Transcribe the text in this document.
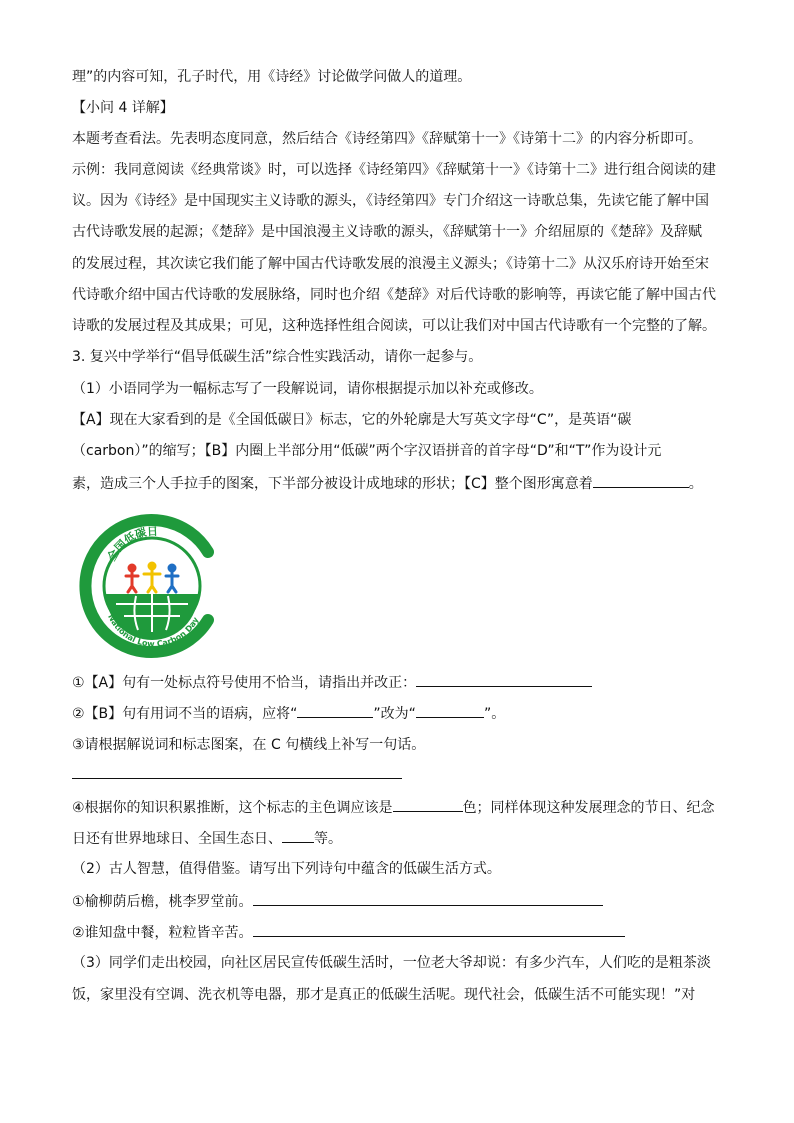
理”的内容可知，孔子时代，用《诗经》讨论做学问做人的道理。
【小问 4 详解】
本题考查看法。先表明态度同意，然后结合《诗经第四》《辞赋第十一》《诗第十二》的内容分析即可。
示例：我同意阅读《经典常谈》时，可以选择《诗经第四》《辞赋第十一》《诗第十二》进行组合阅读的建
议。因为《诗经》是中国现实主义诗歌的源头，《诗经第四》专门介绍这一诗歌总集，先读它能了解中国
古代诗歌发展的起源；《楚辞》是中国浪漫主义诗歌的源头，《辞赋第十一》介绍屈原的《楚辞》及辞赋
的发展过程，其次读它我们能了解中国古代诗歌发展的浪漫主义源头；《诗第十二》从汉乐府诗开始至宋
代诗歌介绍中国古代诗歌的发展脉络，同时也介绍《楚辞》对后代诗歌的影响等，再读它能了解中国古代
诗歌的发展过程及其成果；可见，这种选择性组合阅读，可以让我们对中国古代诗歌有一个完整的了解。
3. 复兴中学举行“倡导低碳生活”综合性实践活动，请你一起参与。
（1）小语同学为一幅标志写了一段解说词，请你根据提示加以补充或修改。
【A】现在大家看到的是《全国低碳日》标志，它的外轮廓是大写英文字母“C”，是英语“碳
（carbon）”的缩写；【B】内圈上半部分用“低碳”两个字汉语拼音的首字母“D”和“T”作为设计元
素，造成三个人手拉手的图案，下半部分被设计成地球的形状；【C】整个图形寓意着	。
全国低碳日
National Low Carbon Day
①【A】句有一处标点符号使用不恰当，请指出并改正：
②【B】句有用词不当的语病，应将“	”改为“	”。
③请根据解说词和标志图案，在 C 句横线上补写一句话。
④根据你的知识积累推断，这个标志的主色调应该是	色；同样体现这种发展理念的节日、纪念
日还有世界地球日、全国生态日、 等。
（2）古人智慧，值得借鉴。请写出下列诗句中蕴含的低碳生活方式。
①榆柳荫后檐，桃李罗堂前。
②谁知盘中餐，粒粒皆辛苦。
（3）同学们走出校园，向社区居民宣传低碳生活时，一位老大爷却说：有多少汽车，人们吃的是粗茶淡
饭，家里没有空调、洗衣机等电器，那才是真正的低碳生活呢。现代社会，低碳生活不可能实现！”对
